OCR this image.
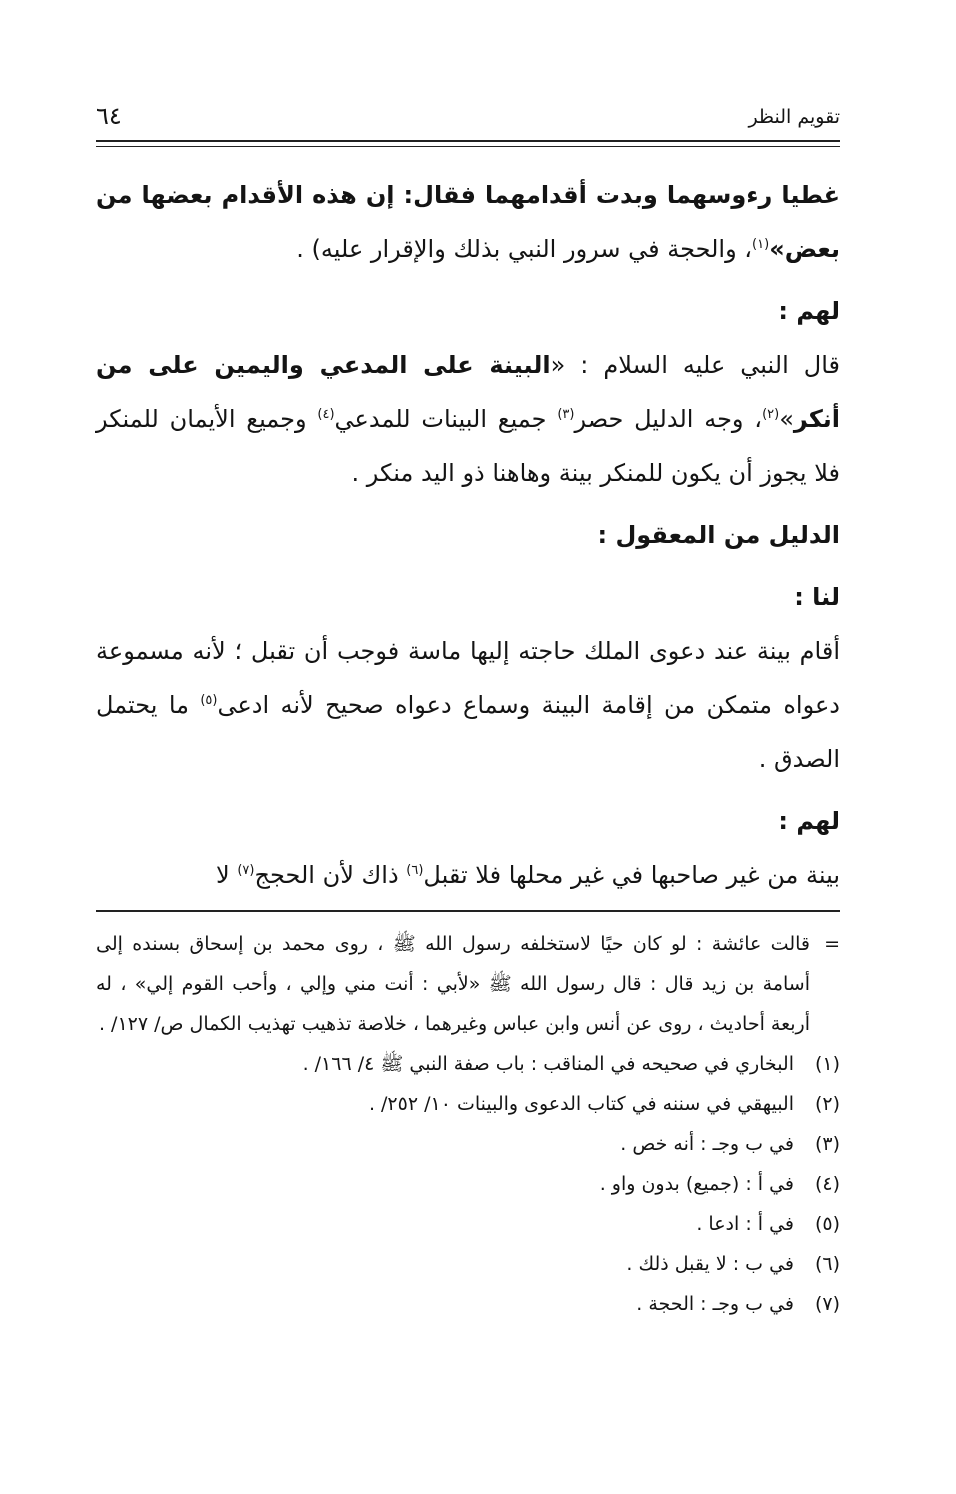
تقويم النظر
٦٤

غطيا رءوسهما وبدت أقدامهما فقال: إن هذه الأقدام بعضها من بعض»$^{(١)}$، والحجة في سرور النبي بذلك والإقرار عليه) .

لهم :

قال النبي عليه السلام : «البينة على المدعي واليمين على من أنكر»$^{(٢)}$، وجه الدليل حصر$^{(٣)}$ جميع البينات للمدعي$^{(٤)}$ وجميع الأيمان للمنكر فلا يجوز أن يكون للمنكر بينة وهاهنا ذو اليد منكر .

الدليل من المعقول :

لنا :

أقام بينة عند دعوى الملك حاجته إليها ماسة فوجب أن تقبل ؛ لأنه مسموعة دعواه متمكن من إقامة البينة وسماع دعواه صحيح لأنه ادعى$^{(٥)}$ ما يحتمل الصدق .

لهم :

بينة من غير صاحبها في غير محلها فلا تقبل$^{(٦)}$ ذاك لأن الحجج$^{(٧)}$ لا

=
قالت عائشة : لو كان حيًا لاستخلفه رسول الله ﷺ ، روى محمد بن إسحاق بسنده إلى أسامة بن زيد قال : قال رسول الله ﷺ «لأبي : أنت مني وإلي ، وأحب القوم إلي» ، له أربعة أحاديث ، روى عن أنس وابن عباس وغيرهما ، خلاصة تذهيب تهذيب الكمال ص/ ١٢٧/ .
(١)
البخاري في صحيحه في المناقب : باب صفة النبي ﷺ ٤/ ١٦٦/ .
(٢)
البيهقي في سننه في كتاب الدعوى والبينات ١٠/ ٢٥٢/ .
(٣)
في ب وجـ : أنه خص .
(٤)
في أ : (جميع) بدون واو .
(٥)
في أ : ادعا .
(٦)
في ب : لا يقبل ذلك .
(٧)
في ب وجـ : الحجة .
